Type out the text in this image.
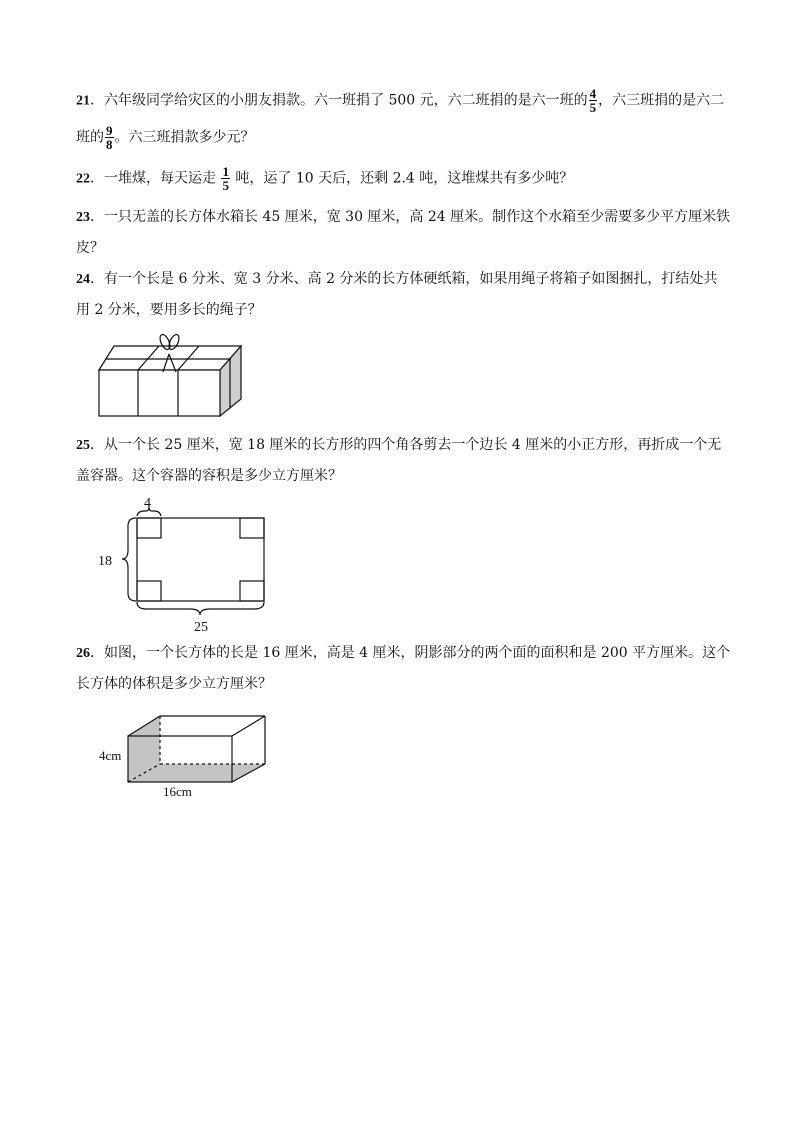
21．六年级同学给灾区的小朋友捐款。六一班捐了 500 元，六二班捐的是六一班的 $\frac{4}{5}$ ，六三班捐的是六二
班的 $\frac{9}{8}$ 。六三班捐款多少元？
22．一堆煤，每天运走 $\frac{1}{5}$ 吨，运了 10 天后，还剩 2.4 吨，这堆煤共有多少吨？
23．一只无盖的长方体水箱长 45 厘米，宽 30 厘米，高 24 厘米。制作这个水箱至少需要多少平方厘米铁
皮？
24．有一个长是 6 分米、宽 3 分米、高 2 分米的长方体硬纸箱，如果用绳子将箱子如图捆扎，打结处共
用 2 分米，要用多长的绳子？
25．从一个长 25 厘米，宽 18 厘米的长方形的四个角各剪去一个边长 4 厘米的小正方形，再折成一个无
盖容器。这个容器的容积是多少立方厘米？
4
18
25
26．如图，一个长方体的长是 16 厘米，高是 4 厘米，阴影部分的两个面的面积和是 200 平方厘米。这个
长方体的体积是多少立方厘米？
4cm
16cm
